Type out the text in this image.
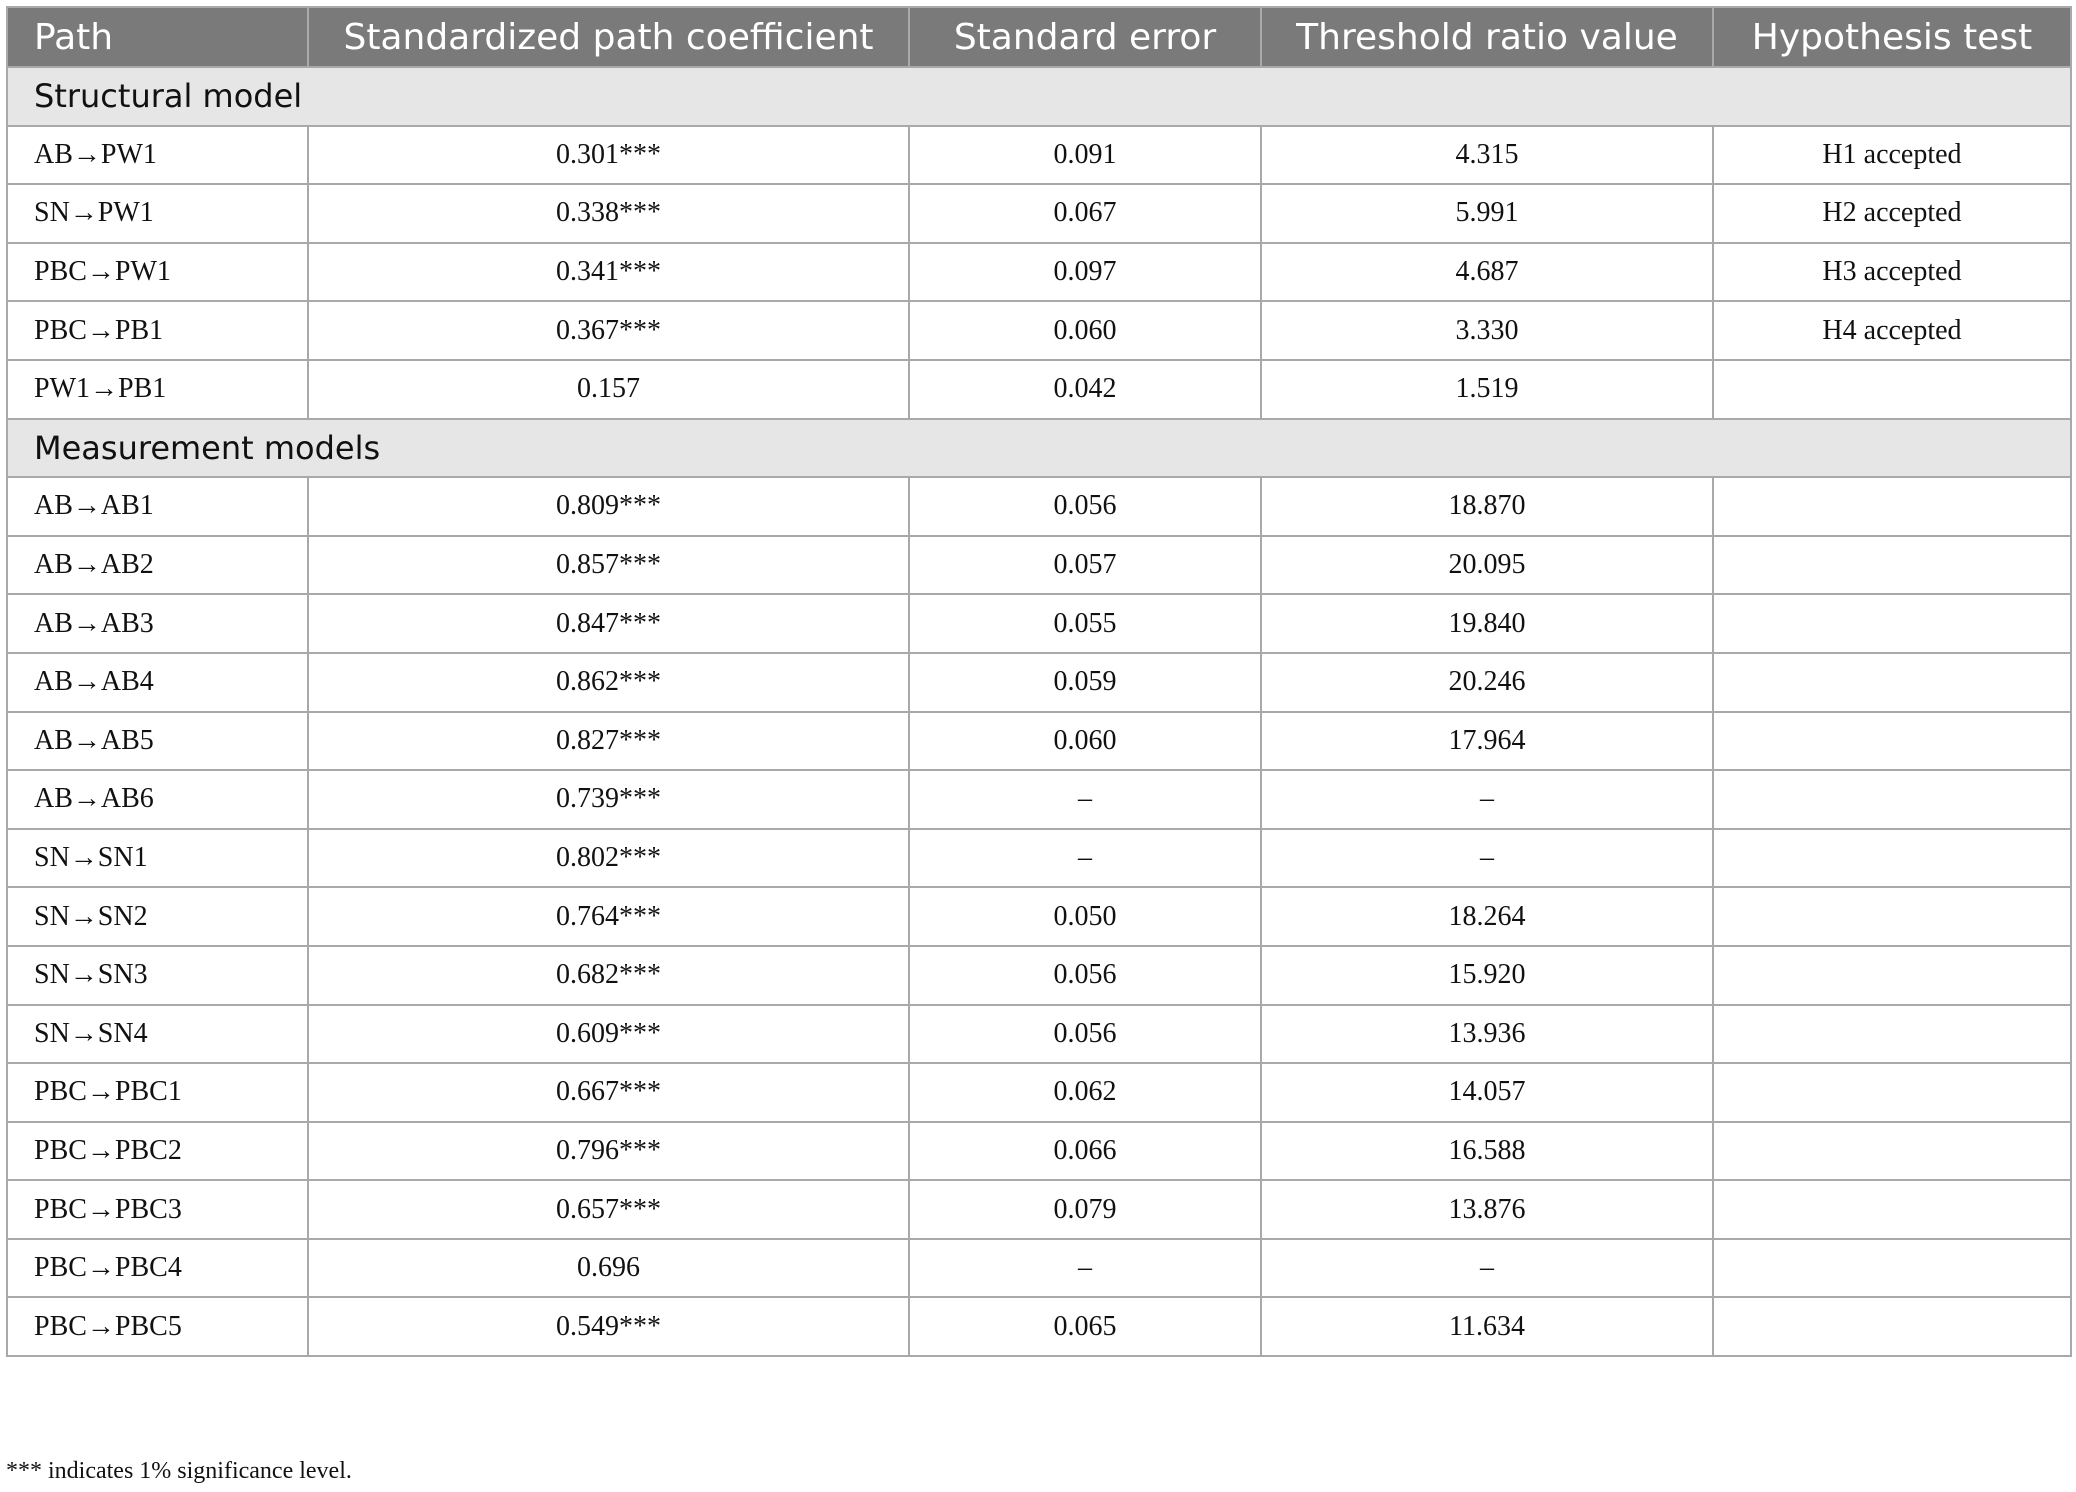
Path	Standardized path coefficient	Standard error	Threshold ratio value	Hypothesis test
Structural model				
AB→PW1	0.301***	0.091	4.315	H1 accepted
SN→PW1	0.338***	0.067	5.991	H2 accepted
PBC→PW1	0.341***	0.097	4.687	H3 accepted
PBC→PB1	0.367***	0.060	3.330	H4 accepted
PW1→PB1	0.157	0.042	1.519	
Measurement models				
AB→AB1	0.809***	0.056	18.870	
AB→AB2	0.857***	0.057	20.095	
AB→AB3	0.847***	0.055	19.840	
AB→AB4	0.862***	0.059	20.246	
AB→AB5	0.827***	0.060	17.964	
AB→AB6	0.739***	–	–	
SN→SN1	0.802***	–	–	
SN→SN2	0.764***	0.050	18.264	
SN→SN3	0.682***	0.056	15.920	
SN→SN4	0.609***	0.056	13.936	
PBC→PBC1	0.667***	0.062	14.057	
PBC→PBC2	0.796***	0.066	16.588	
PBC→PBC3	0.657***	0.079	13.876	
PBC→PBC4	0.696	–	–	
PBC→PBC5	0.549***	0.065	11.634	
*** indicates 1% significance level.
